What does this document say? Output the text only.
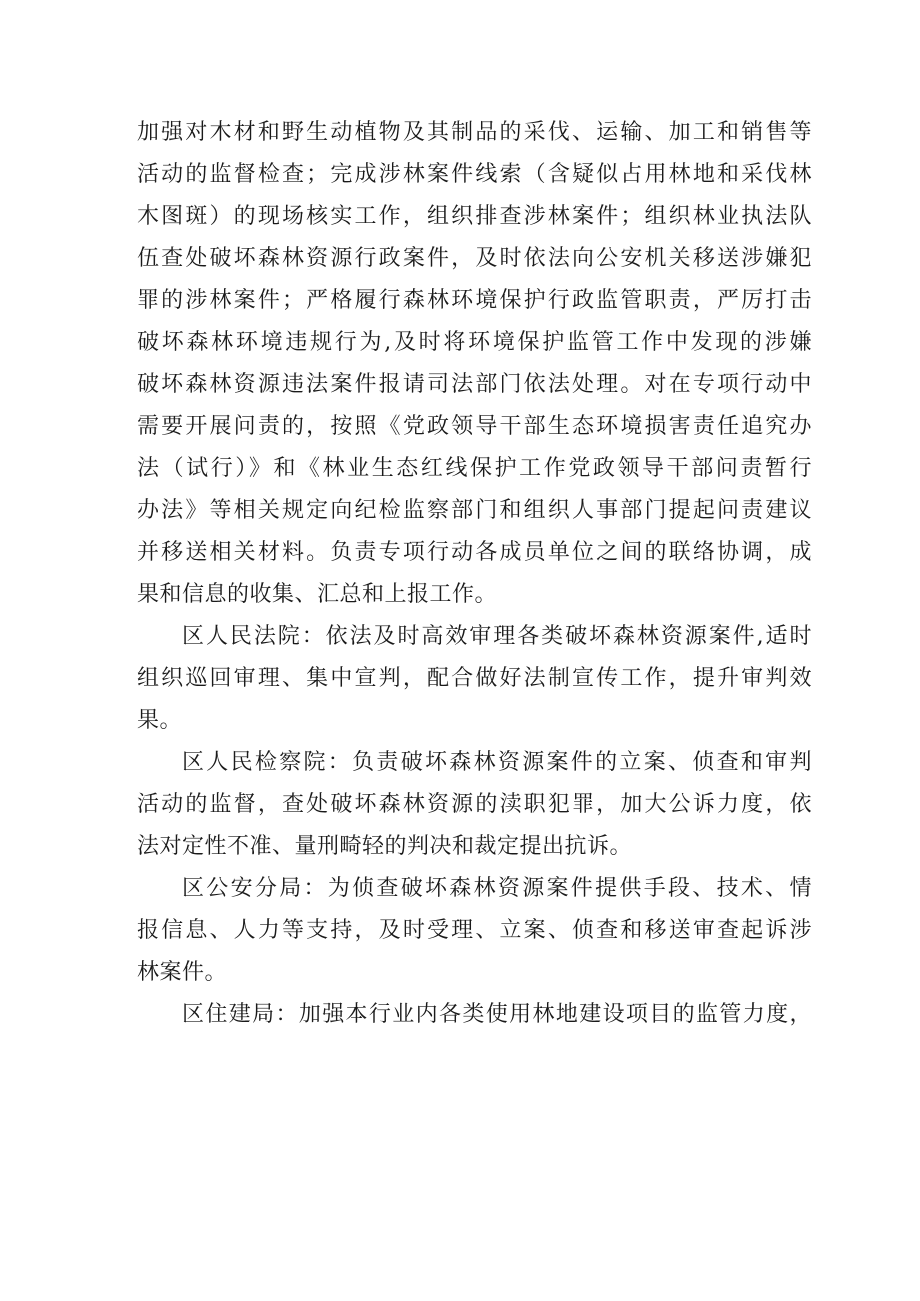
加强对木材和野生动植物及其制品的采伐、运输、加工和销售等
活动的监督检查；完成涉林案件线索（含疑似占用林地和采伐林
木图斑）的现场核实工作，组织排查涉林案件；组织林业执法队
伍查处破坏森林资源行政案件，及时依法向公安机关移送涉嫌犯
罪的涉林案件；严格履行森林环境保护行政监管职责，严厉打击
破坏森林环境违规行为,及时将环境保护监管工作中发现的涉嫌
破坏森林资源违法案件报请司法部门依法处理。对在专项行动中
需要开展问责的，按照《党政领导干部生态环境损害责任追究办
法（试行）》和《林业生态红线保护工作党政领导干部问责暂行
办法》等相关规定向纪检监察部门和组织人事部门提起问责建议
并移送相关材料。负责专项行动各成员单位之间的联络协调，成
果和信息的收集、汇总和上报工作。
区人民法院：依法及时高效审理各类破坏森林资源案件,适时
组织巡回审理、集中宣判，配合做好法制宣传工作，提升审判效
果。
区人民检察院：负责破坏森林资源案件的立案、侦查和审判
活动的监督，查处破坏森林资源的渎职犯罪，加大公诉力度，依
法对定性不准、量刑畸轻的判决和裁定提出抗诉。
区公安分局：为侦查破坏森林资源案件提供手段、技术、情
报信息、人力等支持，及时受理、立案、侦查和移送审查起诉涉
林案件。
区住建局：加强本行业内各类使用林地建设项目的监管力度，
